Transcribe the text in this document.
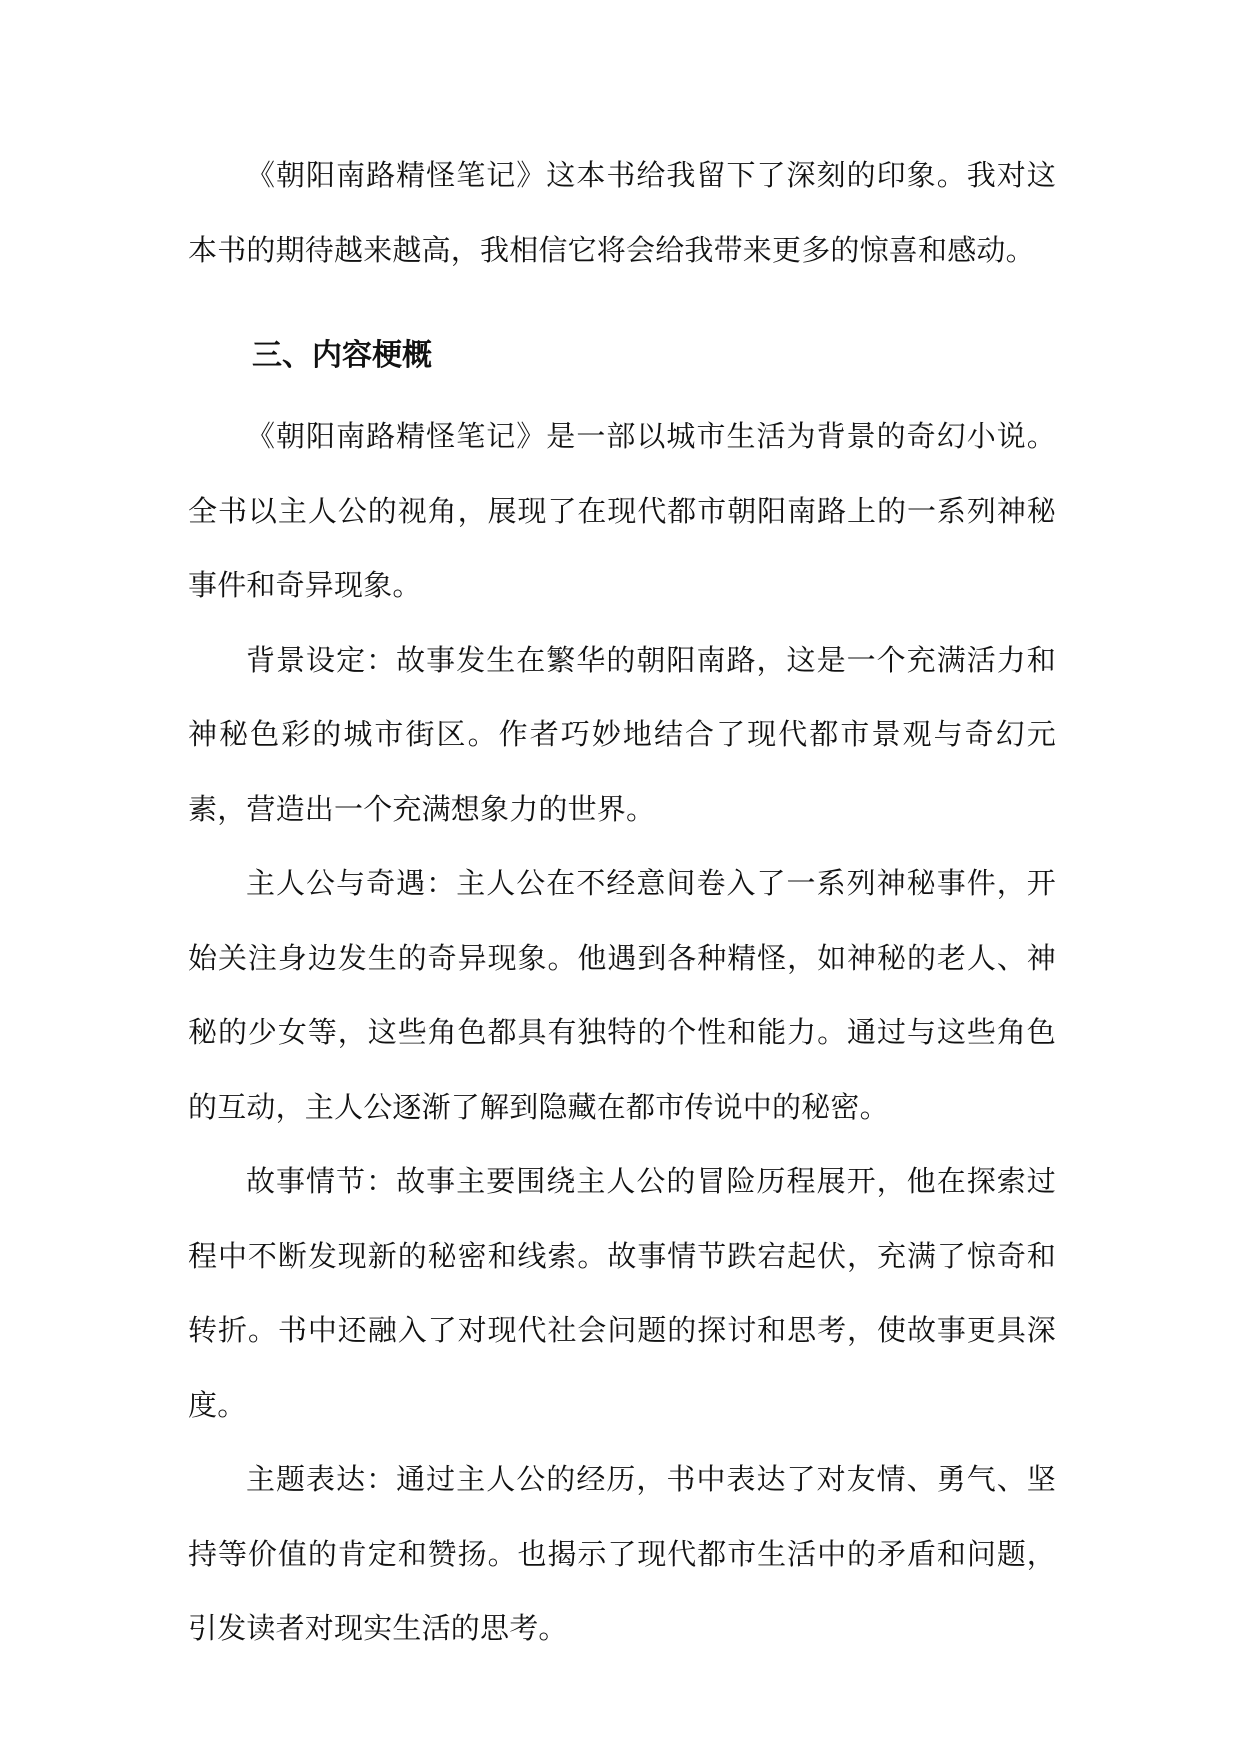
《朝阳南路精怪笔记》这本书给我留下了深刻的印象。我对这本书的期待越来越高，我相信它将会给我带来更多的惊喜和感动。

三、内容梗概

《朝阳南路精怪笔记》是一部以城市生活为背景的奇幻小说。全书以主人公的视角，展现了在现代都市朝阳南路上的一系列神秘事件和奇异现象。

背景设定：故事发生在繁华的朝阳南路，这是一个充满活力和神秘色彩的城市街区。作者巧妙地结合了现代都市景观与奇幻元素，营造出一个充满想象力的世界。

主人公与奇遇：主人公在不经意间卷入了一系列神秘事件，开始关注身边发生的奇异现象。他遇到各种精怪，如神秘的老人、神秘的少女等，这些角色都具有独特的个性和能力。通过与这些角色的互动，主人公逐渐了解到隐藏在都市传说中的秘密。

故事情节：故事主要围绕主人公的冒险历程展开，他在探索过程中不断发现新的秘密和线索。故事情节跌宕起伏，充满了惊奇和转折。书中还融入了对现代社会问题的探讨和思考，使故事更具深度。

主题表达：通过主人公的经历，书中表达了对友情、勇气、坚持等价值的肯定和赞扬。也揭示了现代都市生活中的矛盾和问题，引发读者对现实生活的思考。
